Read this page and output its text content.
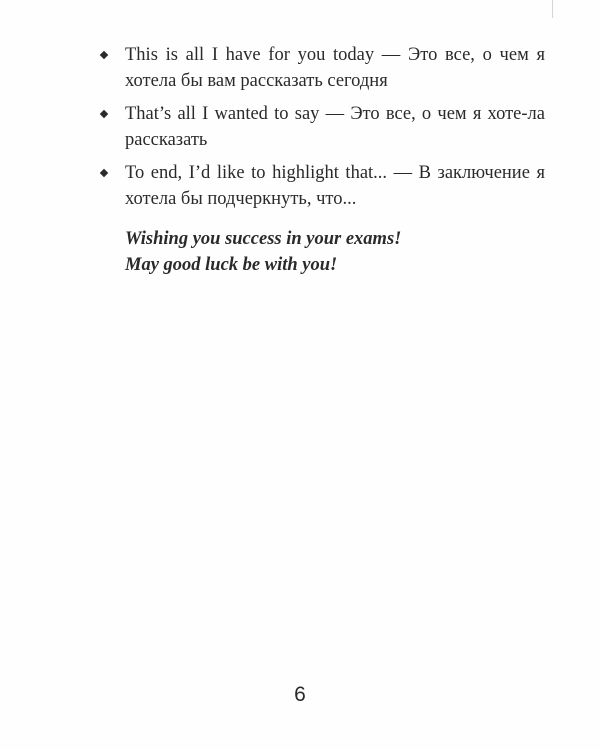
This is all I have for you today — Это все, о чем я хотела бы вам рассказать сегодня
That’s all I wanted to say — Это все, о чем я хоте-ла рассказать
To end, I’d like to highlight that... — В заключение я хотела бы подчеркнуть, что...
Wishing you success in your exams!
May good luck be with you!
6
